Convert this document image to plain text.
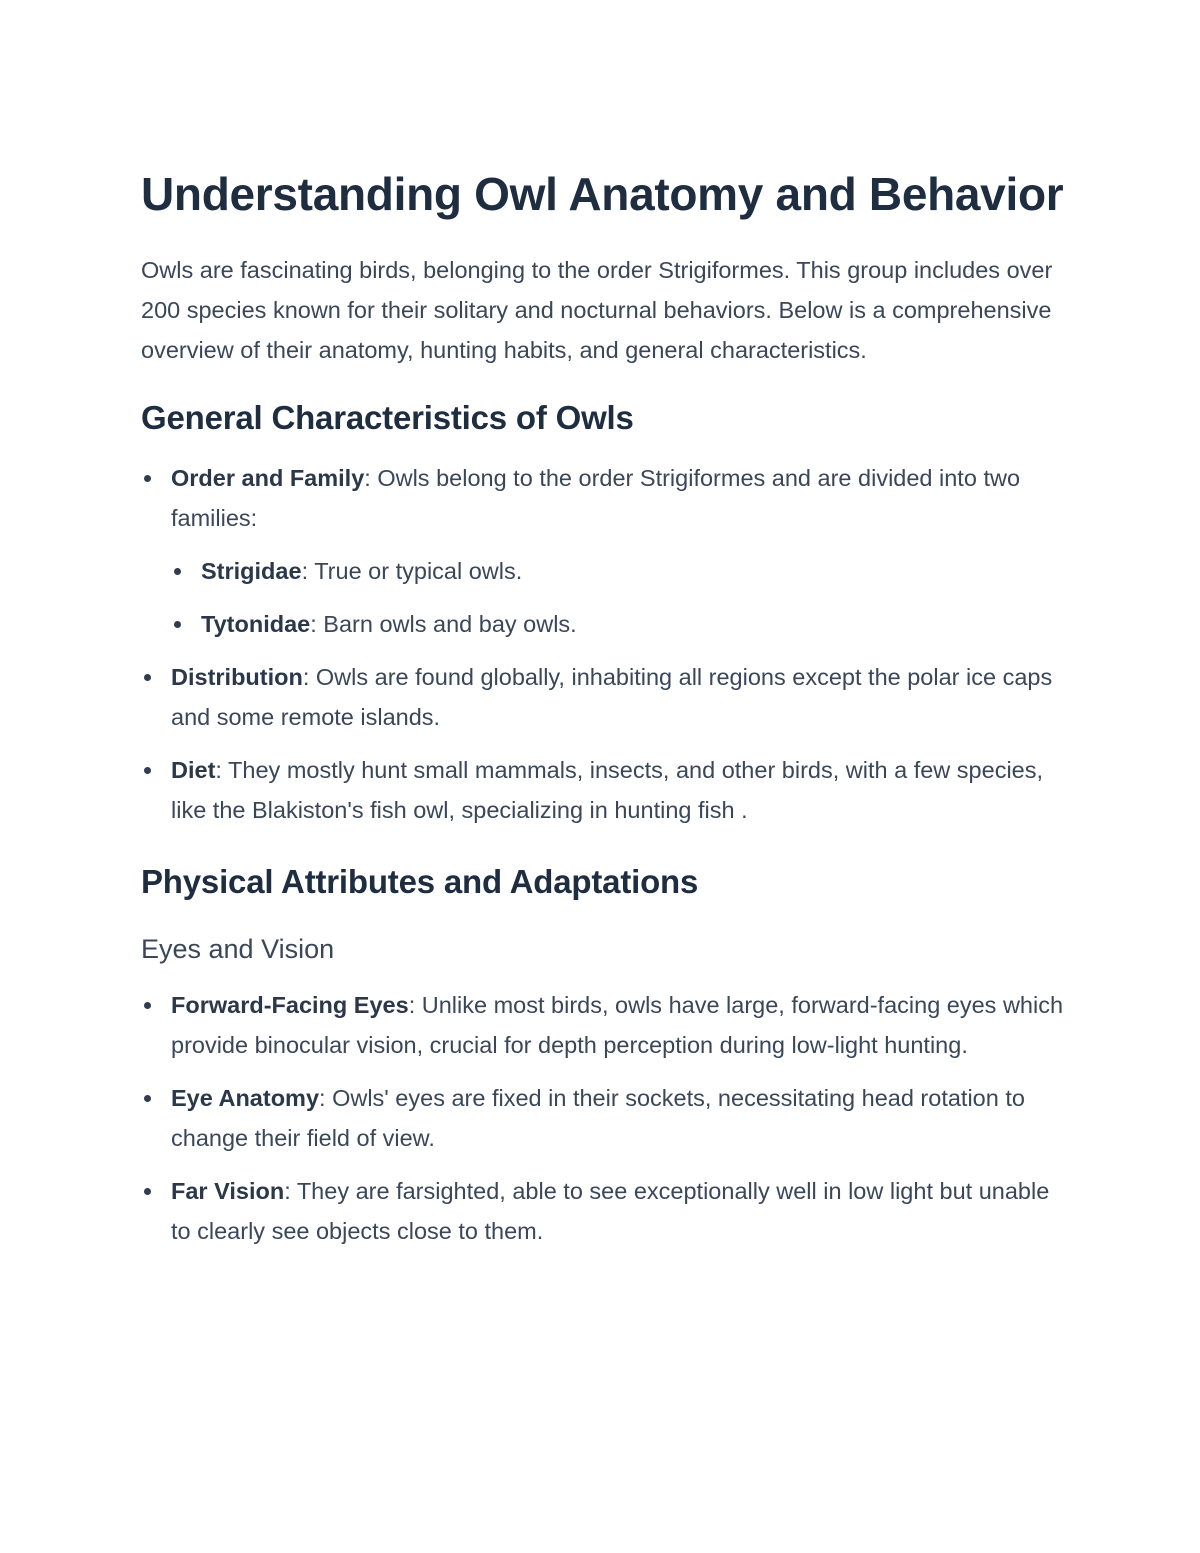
Understanding Owl Anatomy and Behavior

Owls are fascinating birds, belonging to the order Strigiformes. This group includes over 200 species known for their solitary and nocturnal behaviors. Below is a comprehensive overview of their anatomy, hunting habits, and general characteristics.

General Characteristics of Owls
Order and Family: Owls belong to the order Strigiformes and are divided into two families:
Strigidae: True or typical owls.
Tytonidae: Barn owls and bay owls.
Distribution: Owls are found globally, inhabiting all regions except the polar ice caps and some remote islands.
Diet: They mostly hunt small mammals, insects, and other birds, with a few species, like the Blakiston's fish owl, specializing in hunting fish .
Physical Attributes and Adaptations
Eyes and Vision
Forward-Facing Eyes: Unlike most birds, owls have large, forward-facing eyes which provide binocular vision, crucial for depth perception during low-light hunting.
Eye Anatomy: Owls' eyes are fixed in their sockets, necessitating head rotation to change their field of view.
Far Vision: They are farsighted, able to see exceptionally well in low light but unable to clearly see objects close to them.
